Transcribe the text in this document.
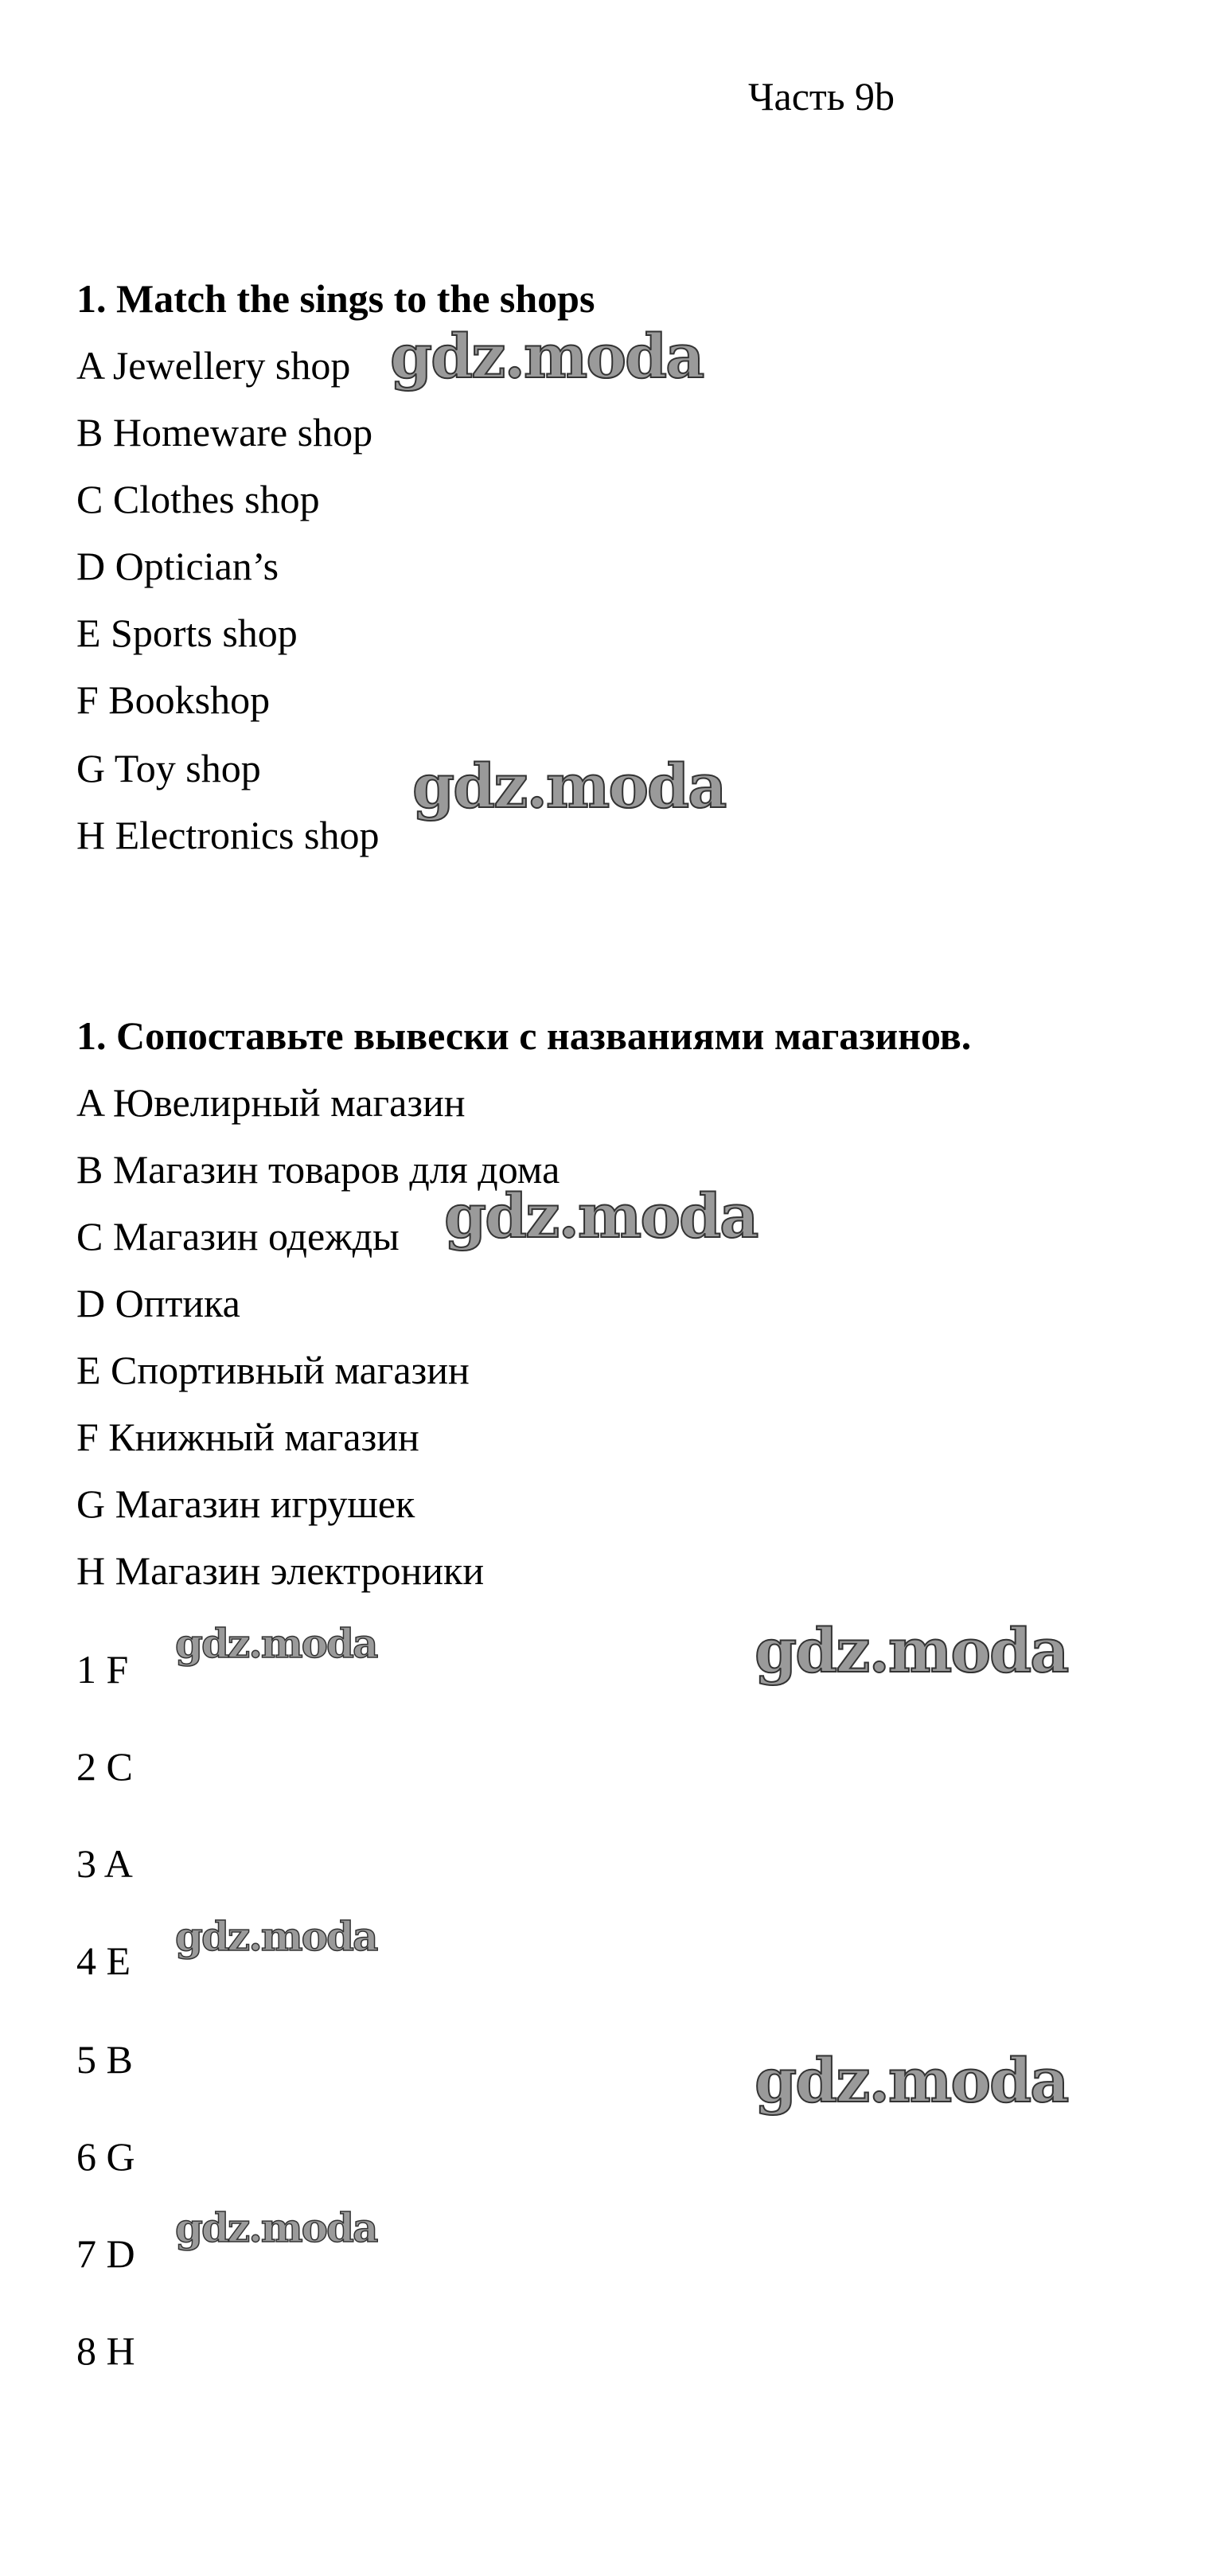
Часть 9b
1. Match the sings to the shops
A Jewellery shop
B Homeware shop
C Clothes shop
D Optician’s
E Sports shop
F Bookshop
G Toy shop
H Electronics shop
1. Сопоставьте вывески с названиями магазинов.
A Ювелирный магазин
B Магазин товаров для дома
C Магазин одежды
D Оптика
E Спортивный магазин
F Книжный магазин
G Магазин игрушек
H Магазин электроники
1 F
2 C
3 A
4 E
5 B
6 G
7 D
8 H
gdz.moda
gdz.moda
gdz.moda
gdz.moda	gdz.moda
gdz.moda
gdz.moda
gdz.moda
